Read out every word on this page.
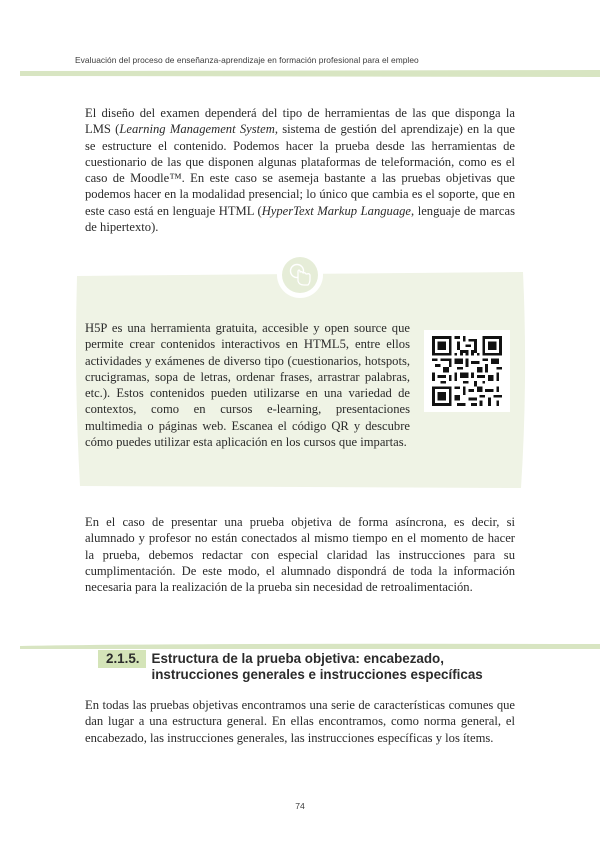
Evaluación del proceso de enseñanza-aprendizaje en formación profesional para el empleo

El diseño del examen dependerá del tipo de herramientas de las que disponga la LMS (Learning Management System, sistema de gestión del aprendizaje) en la que se estructure el contenido. Podemos hacer la prueba desde las herramientas de cuestionario de las que disponen algunas plataformas de teleformación, como es el caso de Moodle™. En este caso se asemeja bastante a las pruebas objetivas que podemos hacer en la modalidad presencial; lo único que cambia es el soporte, que en este caso está en lenguaje HTML (HyperText Markup Language, lenguaje de marcas de hipertexto).

H5P es una herramienta gratuita, accesible y open source que permite crear contenidos interactivos en HTML5, entre ellos actividades y exámenes de diverso tipo (cuestionarios, hotspots, crucigramas, sopa de letras, ordenar frases, arrastrar palabras, etc.). Estos contenidos pueden utilizarse en una variedad de contextos, como en cursos e-learning, presentaciones multimedia o páginas web. Escanea el código QR y descubre cómo puedes utilizar esta aplicación en los cursos que impartas.

En el caso de presentar una prueba objetiva de forma asíncrona, es decir, si alumnado y profesor no están conectados al mismo tiempo en el momento de hacer la prueba, debemos redactar con especial claridad las instrucciones para su cumplimentación. De este modo, el alumnado dispondrá de toda la información necesaria para la realización de la prueba sin necesidad de retroalimentación.

2.1.5. Estructura de la prueba objetiva: encabezado, instrucciones generales e instrucciones específicas

En todas las pruebas objetivas encontramos una serie de características comunes que dan lugar a una estructura general. En ellas encontramos, como norma general, el encabezado, las instrucciones generales, las instrucciones específicas y los ítems.

74
